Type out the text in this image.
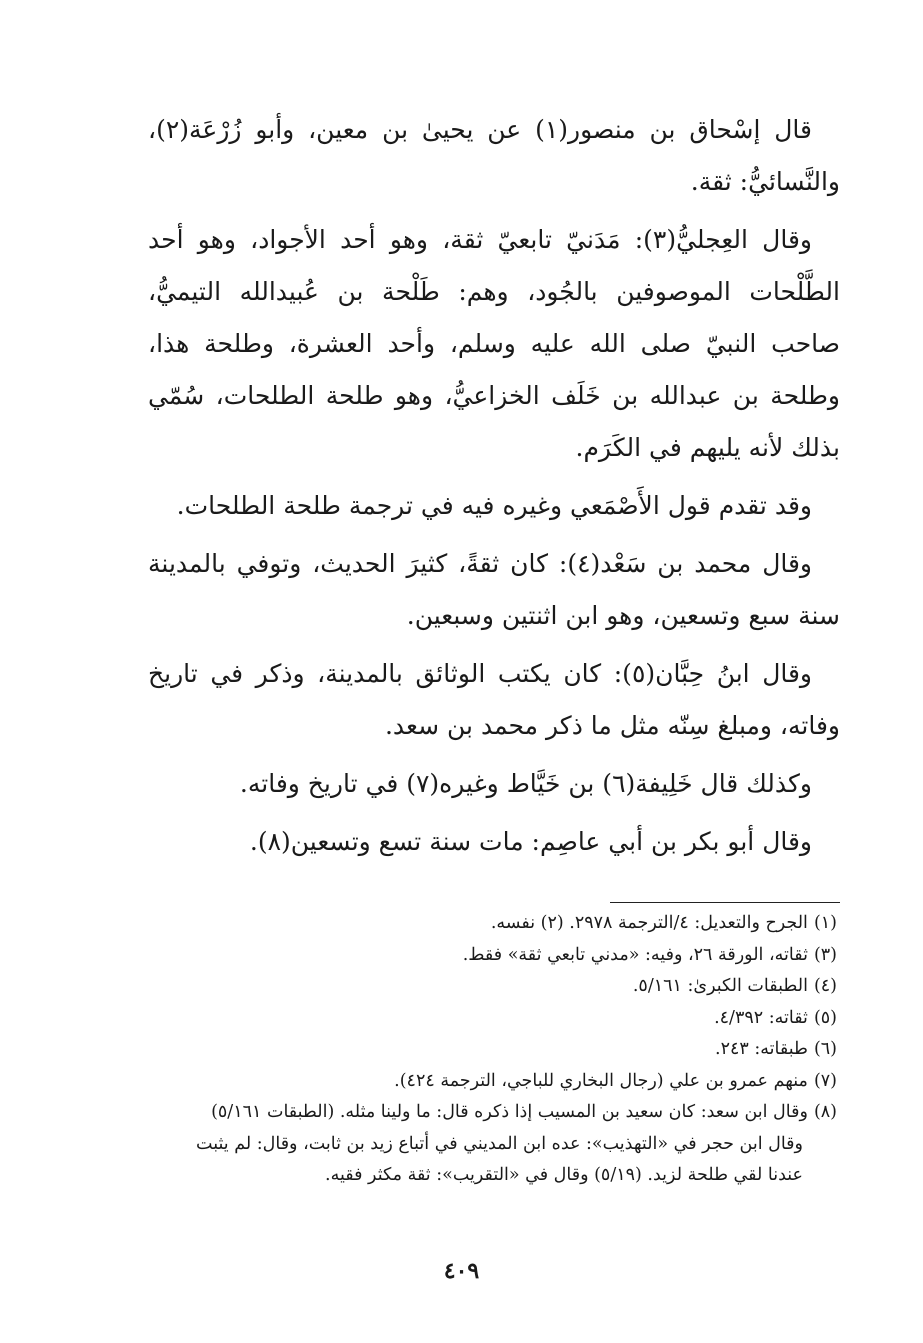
قال إسْحاق بن منصور(١) عن يحيىٰ بن معين، وأبو زُرْعَة(٢)، والنَّسائيُّ: ثقة.

وقال العِجليُّ(٣): مَدَنيّ تابعيّ ثقة، وهو أحد الأجواد، وهو أحد الطَّلْحات الموصوفين بالجُود، وهم: طَلْحة بن عُبيدالله التيميُّ، صاحب النبيّ صلى الله عليه وسلم، وأحد العشرة، وطلحة هذا، وطلحة بن عبدالله بن خَلَف الخزاعيُّ، وهو طلحة الطلحات، سُمّي بذلك لأنه يليهم في الكَرَم.

وقد تقدم قول الأَصْمَعي وغيره فيه في ترجمة طلحة الطلحات.

وقال محمد بن سَعْد(٤): كان ثقةً، كثيرَ الحديث، وتوفي بالمدينة سنة سبع وتسعين، وهو ابن اثنتين وسبعين.

وقال ابنُ حِبَّان(٥): كان يكتب الوثائق بالمدينة، وذكر في تاريخ وفاته، ومبلغ سِنّه مثل ما ذكر محمد بن سعد.

وكذلك قال خَلِيفة(٦) بن خَيَّاط وغيره(٧) في تاريخ وفاته.

وقال أبو بكر بن أبي عاصِم: مات سنة تسع وتسعين(٨).

(١)الجرح والتعديل: ٤/الترجمة ٢٩٧٨. (٢) نفسه.

(٣)ثقاته، الورقة ٢٦، وفيه: «مدني تابعي ثقة» فقط.

(٤)الطبقات الكبرىٰ: ٥/١٦١.

(٥)ثقاته: ٤/٣٩٢.

(٦)طبقاته: ٢٤٣.

(٧)منهم عمرو بن علي (رجال البخاري للباجي، الترجمة ٤٢٤).

(٨)وقال ابن سعد: كان سعيد بن المسيب إذا ذكره قال: ما ولينا مثله. (الطبقات ٥/١٦١)

وقال ابن حجر في «التهذيب»: عده ابن المديني في أتباع زيد بن ثابت، وقال: لم يثبت

عندنا لقي طلحة لزيد. (٥/١٩) وقال في «التقريب»: ثقة مكثر فقيه.

٤٠٩
